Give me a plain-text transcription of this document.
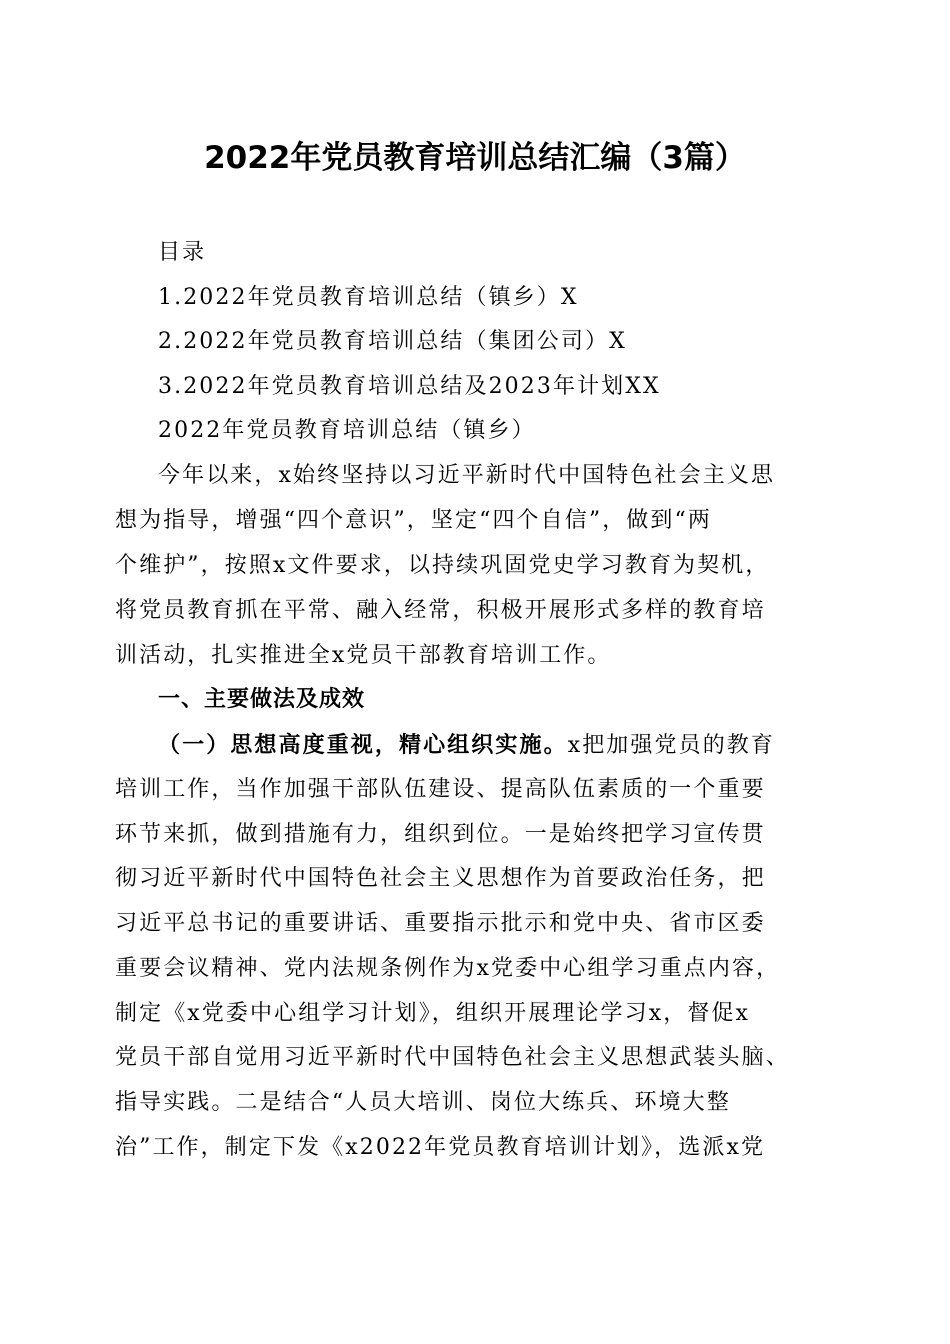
2022年党员教育培训总结汇编（3篇）
目录
1.2022年党员教育培训总结（镇乡）X
2.2022年党员教育培训总结（集团公司）X
3.2022年党员教育培训总结及2023年计划XX
2022年党员教育培训总结（镇乡）
今年以来，x始终坚持以习近平新时代中国特色社会主义思
想为指导，增强“四个意识”，坚定“四个自信”，做到“两
个维护”，按照x文件要求，以持续巩固党史学习教育为契机，
将党员教育抓在平常、融入经常，积极开展形式多样的教育培
训活动，扎实推进全x党员干部教育培训工作。
一、主要做法及成效
（一）思想高度重视，精心组织实施。x把加强党员的教育
培训工作，当作加强干部队伍建设、提高队伍素质的一个重要
环节来抓，做到措施有力，组织到位。一是始终把学习宣传贯
彻习近平新时代中国特色社会主义思想作为首要政治任务，把
习近平总书记的重要讲话、重要指示批示和党中央、省市区委
重要会议精神、党内法规条例作为x党委中心组学习重点内容，
制定《x党委中心组学习计划》，组织开展理论学习x，督促x
党员干部自觉用习近平新时代中国特色社会主义思想武装头脑、
指导实践。二是结合“人员大培训、岗位大练兵、环境大整
治”工作，制定下发《x2022年党员教育培训计划》，选派x党
